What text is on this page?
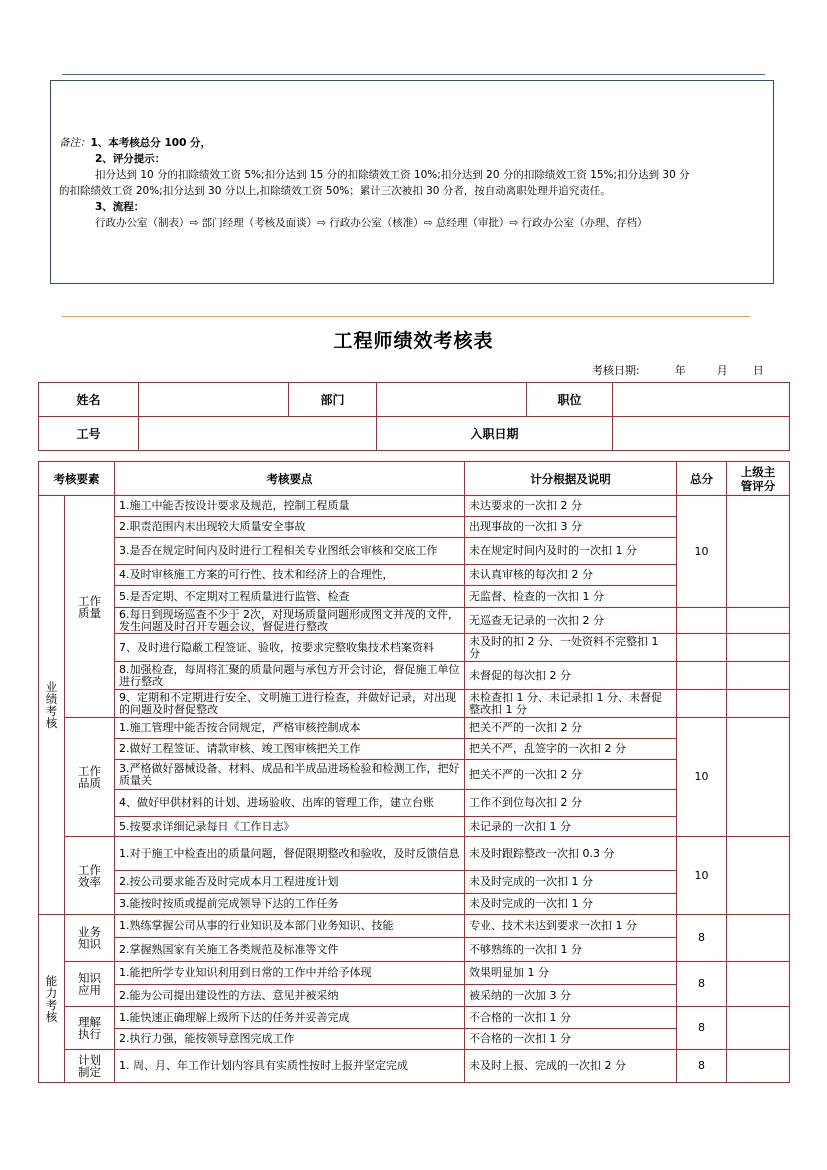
备注：1、本考核总分 100 分，
2、评分提示：
扣分达到 10 分的扣除绩效工资 5%;扣分达到 15 分的扣除绩效工资 10%;扣分达到 20 分的扣除绩效工资 15%;扣分达到 30 分
的扣除绩效工资 20%;扣分达到 30 分以上,扣除绩效工资 50%；累计三次被扣 30 分者，按自动离职处理并追究责任。
3、流程：
行政办公室（制表）⇨ 部门经理（考核及面谈）⇨ 行政办公室（核准）⇨ 总经理（审批）⇨ 行政办公室（办理、存档）
工程师绩效考核表
考核日期:	年	月 日
姓名		部门		职位	
工号			入职日期		
考核要素		考核要点	计分根据及说明	总分	上级主
管评分

业绩考核	工作质量	1.施工中能否按设计要求及规范，控制工程质量	未达要求的一次扣 2 分	10	
		2.职责范围内未出现较大质量安全事故	出现事故的一次扣 3 分		
		3.是否在规定时间内及时进行工程相关专业图纸会审核和交底工作	未在规定时间内及时的一次扣 1 分		
		4.及时审核施工方案的可行性、技术和经济上的合理性，	未认真审核的每次扣 2 分		
		5.是否定期、不定期对工程质量进行监管、检查	无监督、检查的一次扣 1 分		
		6.每日到现场巡查不少于 2次，对现场质量问题形成图文并茂的文件，发生问题及时召开专题会议，督促进行整改	无巡查无记录的一次扣 2 分		
		7、及时进行隐蔽工程签证、验收，按要求完整收集技术档案资料	未及时的扣 2 分、一处资料不完整扣 1 分		
		8.加强检查，每周将汇聚的质量问题与承包方开会讨论，督促施工单位进行整改	未督促的每次扣 2 分		
		9、定期和不定期进行安全、文明施工进行检查，并做好记录，对出现的问题及时督促整改	未检查扣 1 分、未记录扣 1 分、未督促整改扣 1 分		
	工作品质	1.施工管理中能否按合同规定，严格审核控制成本	把关不严的一次扣 2 分	10	
		2.做好工程签证、请款审核、竣工图审核把关工作	把关不严，乱签字的一次扣 2 分		
		3.严格做好器械设备、材料、成品和半成品进场检验和检测工作，把好质量关	把关不严的一次扣 2 分		
		4、做好甲供材料的计划、进场验收、出库的管理工作，建立台账	工作不到位每次扣 2 分		
		5.按要求详细记录每日《工作日志》	未记录的一次扣 1 分		
	工作效率	1.对于施工中检查出的质量问题，督促限期整改和验收，及时反馈信息	未及时跟踪整改一次扣 0.3 分	10	
		2.按公司要求能否及时完成本月工程进度计划	未及时完成的一次扣 1 分		
		3.能按时按质或提前完成领导下达的工作任务	未及时完成的一次扣 1 分		
能力考核	业务知识	1.熟练掌握公司从事的行业知识及本部门业务知识、技能	专业、技术未达到要求一次扣 1 分	8	
		2.掌握熟国家有关施工各类规范及标准等文件	不够熟练的一次扣 1 分		
	知识应用	1.能把所学专业知识利用到日常的工作中并给予体现	效果明显加 1 分	8	
		2.能为公司提出建设性的方法、意见并被采纳	被采纳的一次加 3 分		
	理解执行	1.能快速正确理解上级所下达的任务并妥善完成	不合格的一次扣 1 分	8	
		2.执行力强，能按领导意图完成工作	不合格的一次扣 1 分		
	计划制定	1. 周、月、年工作计划内容具有实质性按时上报并坚定完成	未及时上报、完成的一次扣 2 分	8	
